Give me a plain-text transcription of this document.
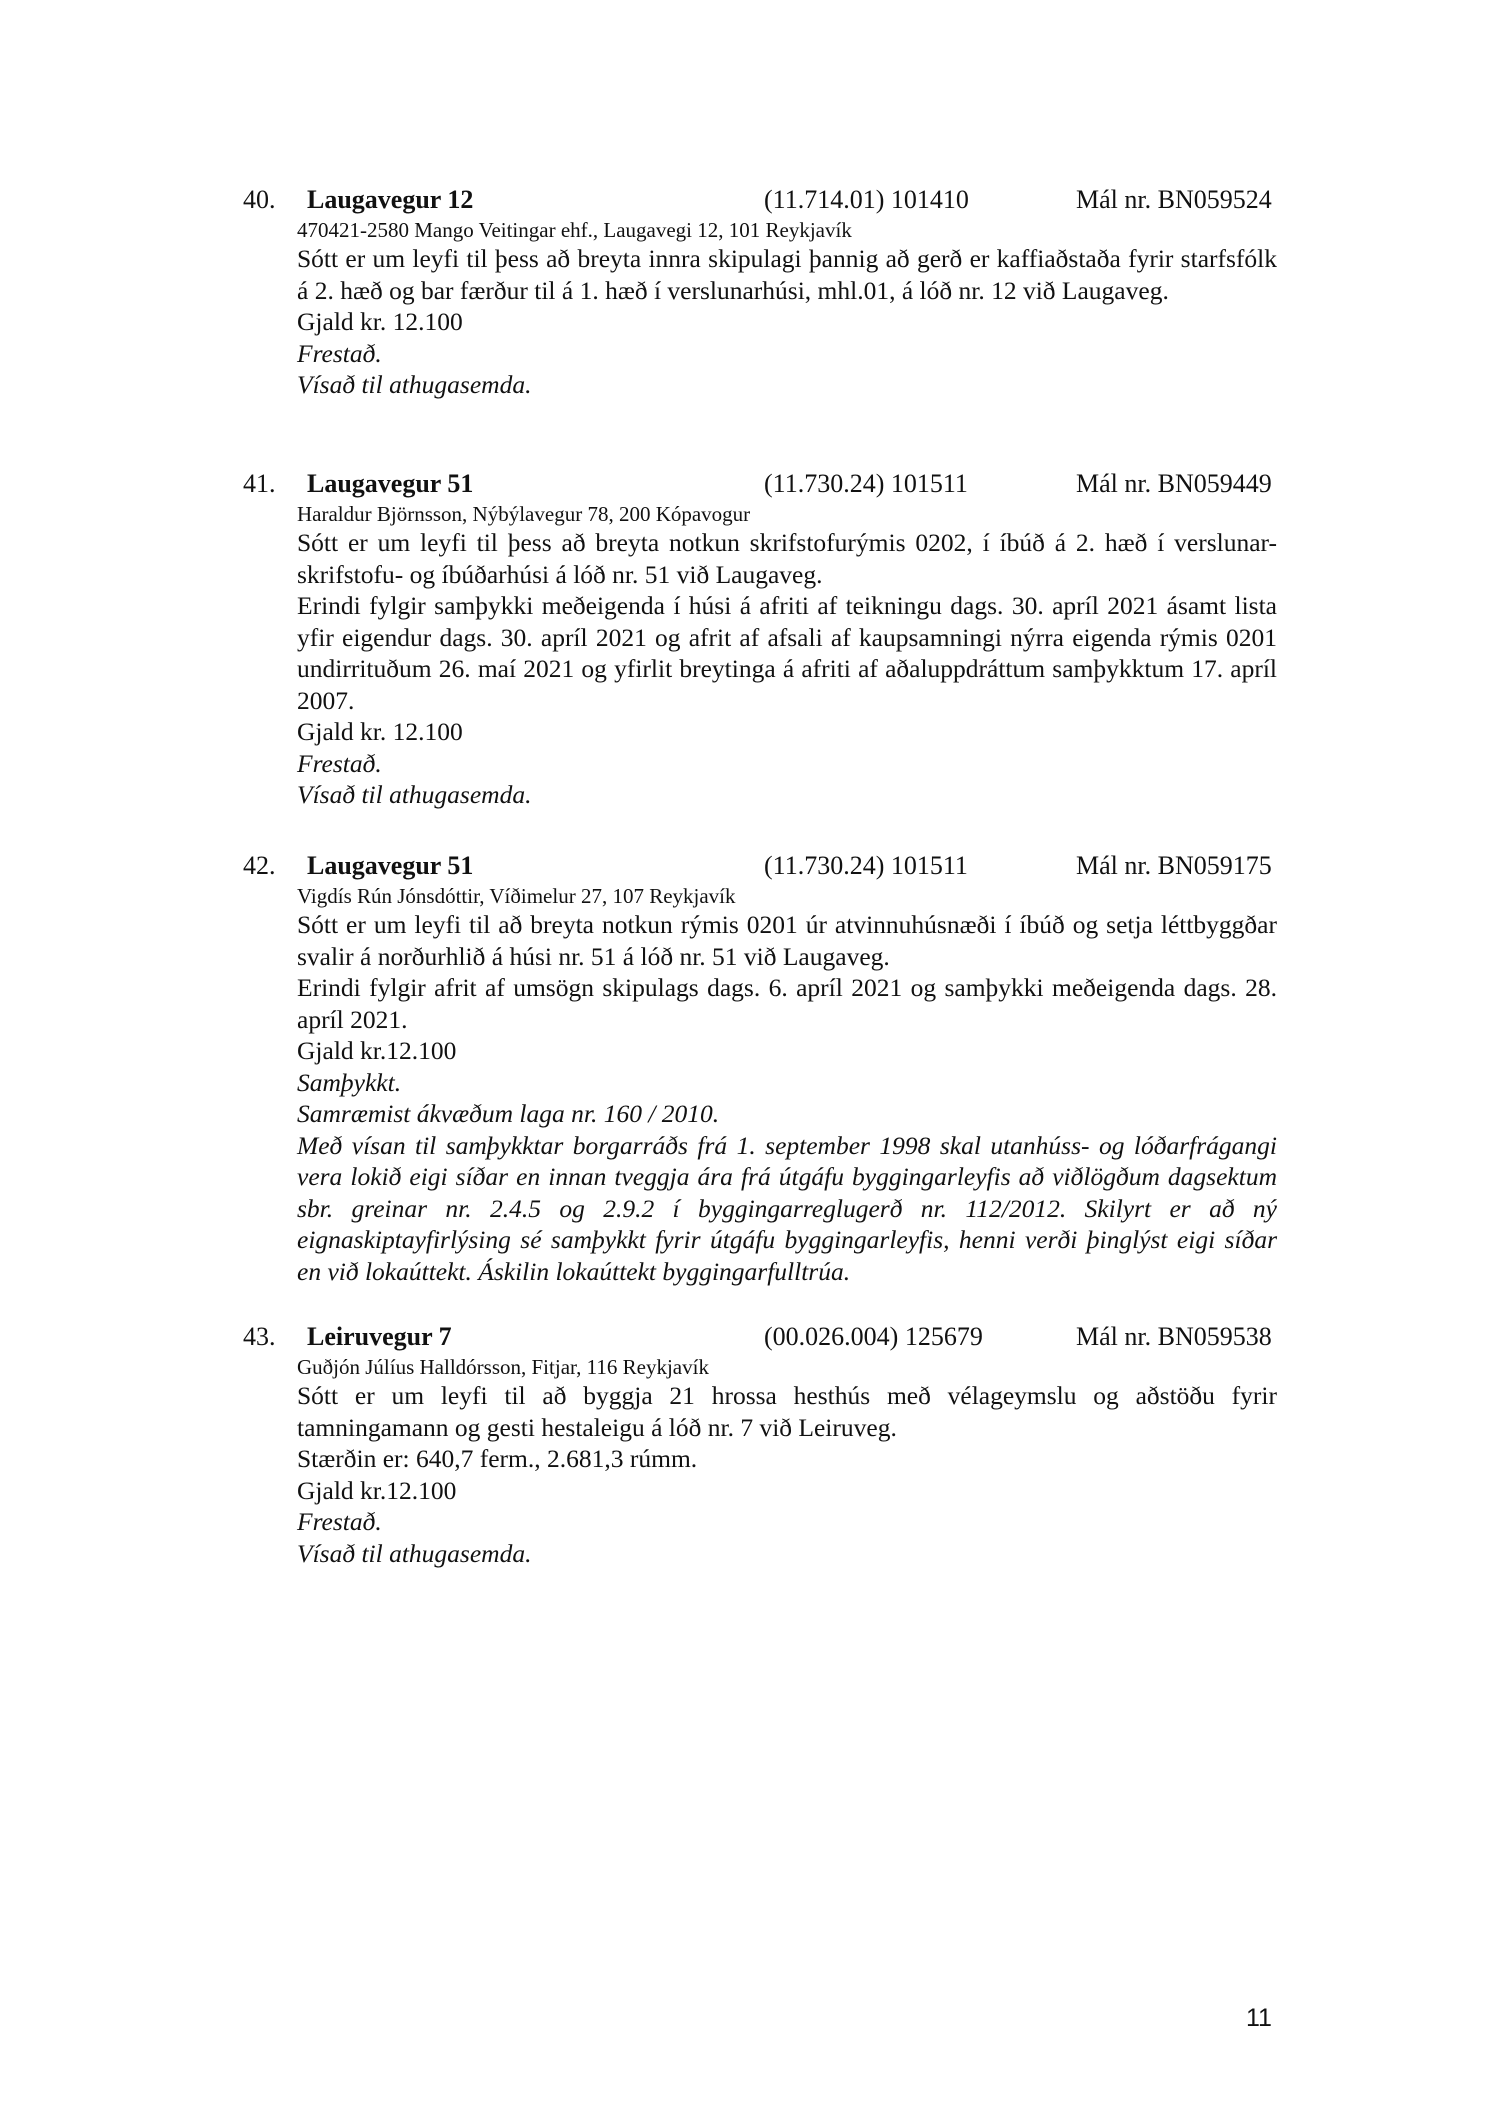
40. Laugavegur 12	(11.714.01) 101410	Mál nr. BN059524
470421-2580 Mango Veitingar ehf., Laugavegi 12, 101 Reykjavík

Sótt er um leyfi til þess að breyta innra skipulagi þannig að gerð er kaffiaðstaða fyrir starfsfólk á 2. hæð og bar færður til á 1. hæð í verslunarhúsi, mhl.01, á lóð nr. 12 við Laugaveg.

Gjald kr. 12.100

Frestað.

Vísað til athugasemda.

41. Laugavegur 51	(11.730.24) 101511	Mál nr. BN059449
Haraldur Björnsson, Nýbýlavegur 78, 200 Kópavogur

Sótt er um leyfi til þess að breyta notkun skrifstofurýmis 0202, í íbúð á 2. hæð í verslunar- skrifstofu- og íbúðarhúsi á lóð nr. 51 við Laugaveg.

Erindi fylgir samþykki meðeigenda í húsi á afriti af teikningu dags. 30. apríl 2021 ásamt lista yfir eigendur dags. 30. apríl 2021 og afrit af afsali af kaupsamningi nýrra eigenda rýmis 0201 undirrituðum 26. maí 2021 og yfirlit breytinga á afriti af aðaluppdráttum samþykktum 17. apríl 2007.

Gjald kr. 12.100

Frestað.

Vísað til athugasemda.

42. Laugavegur 51	(11.730.24) 101511	Mál nr. BN059175
Vigdís Rún Jónsdóttir, Víðimelur 27, 107 Reykjavík

Sótt er um leyfi til að breyta notkun rýmis 0201 úr atvinnuhúsnæði í íbúð og setja léttbyggðar svalir á norðurhlið á húsi nr. 51 á lóð nr. 51 við Laugaveg.

Erindi fylgir afrit af umsögn skipulags dags. 6. apríl 2021 og samþykki meðeigenda dags. 28. apríl 2021.

Gjald kr.12.100

Samþykkt.

Samræmist ákvæðum laga nr. 160 / 2010.

Með vísan til samþykktar borgarráðs frá 1. september 1998 skal utanhúss- og lóðarfrágangi vera lokið eigi síðar en innan tveggja ára frá útgáfu byggingarleyfis að viðlögðum dagsektum sbr. greinar nr. 2.4.5 og 2.9.2 í byggingarreglugerð nr. 112/2012. Skilyrt er að ný eignaskiptayfirlýsing sé samþykkt fyrir útgáfu byggingarleyfis, henni verði þinglýst eigi síðar en við lokaúttekt. Áskilin lokaúttekt byggingarfulltrúa.

43. Leiruvegur 7	(00.026.004) 125679	Mál nr. BN059538
Guðjón Júlíus Halldórsson, Fitjar, 116 Reykjavík

Sótt er um leyfi til að byggja 21 hrossa hesthús með vélageymslu og aðstöðu fyrir tamningamann og gesti hestaleigu á lóð nr. 7 við Leiruveg.

Stærðin er: 640,7 ferm., 2.681,3 rúmm.

Gjald kr.12.100

Frestað.

Vísað til athugasemda.

11
